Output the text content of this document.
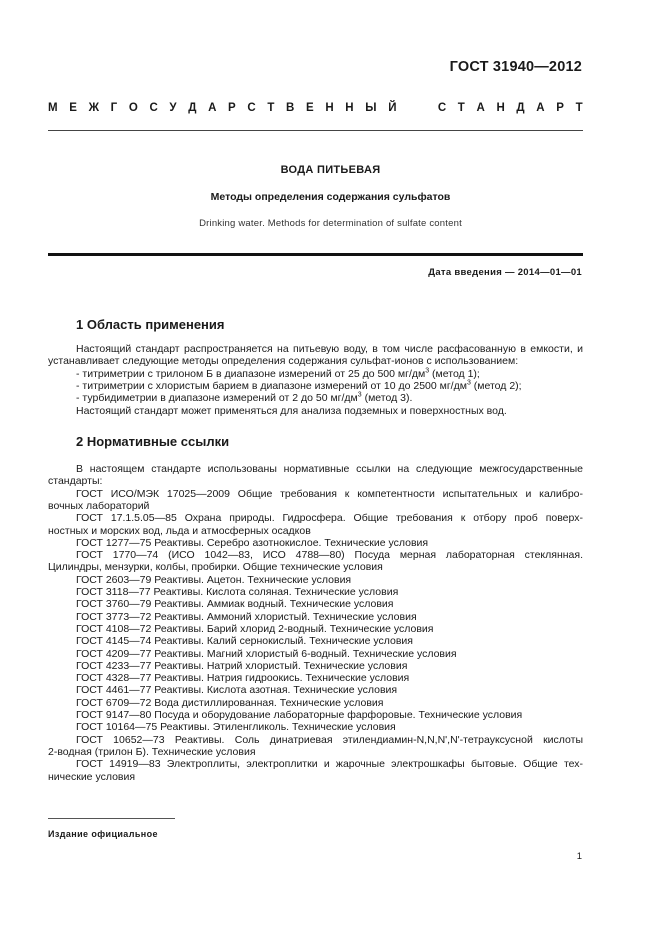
ГОСТ 31940—2012
М Е Ж Г О С У Д А Р С Т В Е Н Н Ы Й

	С Т А Н Д А Р Т
ВОДА ПИТЬЕВАЯ
Методы определения содержания сульфатов
Drinking water. Methods for determination of sulfate content
Дата введения — 2014—01—01
1 Область применения
Настоящий стандарт распространяется на питьевую воду, в том числе расфасованную в емкости, и
устанавливает следующие методы определения содержания сульфат-ионов с использованием:
- титриметрии с трилоном Б в диапазоне измерений от 25 до 500 $мг/дм^3$ (метод 1);
- титриметрии с хлористым барием в диапазоне измерений от 10 до 2500 $мг/дм^3$ (метод 2);
- турбидиметрии в диапазоне измерений от 2 до 50 $мг/дм^3$ (метод 3).
Настоящий стандарт может применяться для анализа подземных и поверхностных вод.
2 Нормативные ссылки
В настоящем стандарте использованы нормативные ссылки на следующие межгосударственные
стандарты:
ГОСТ ИСО/МЭК 17025—2009 Общие требования к компетентности испытательных и калибро-
вочных лабораторий
ГОСТ 17.1.5.05—85 Охрана природы. Гидросфера. Общие требования к отбору проб поверх-
ностных и морских вод, льда и атмосферных осадков
ГОСТ 1277—75 Реактивы. Серебро азотнокислое. Технические условия
ГОСТ 1770—74 (ИСО 1042—83, ИСО 4788—80) Посуда мерная лабораторная стеклянная.
Цилиндры, мензурки, колбы, пробирки. Общие технические условия
ГОСТ 2603—79 Реактивы. Ацетон. Технические условия
ГОСТ 3118—77 Реактивы. Кислота соляная. Технические условия
ГОСТ 3760—79 Реактивы. Аммиак водный. Технические условия
ГОСТ 3773—72 Реактивы. Аммоний хлористый. Технические условия
ГОСТ 4108—72 Реактивы. Барий хлорид 2-водный. Технические условия
ГОСТ 4145—74 Реактивы. Калий сернокислый. Технические условия
ГОСТ 4209—77 Реактивы. Магний хлористый 6-водный. Технические условия
ГОСТ 4233—77 Реактивы. Натрий хлористый. Технические условия
ГОСТ 4328—77 Реактивы. Натрия гидроокись. Технические условия
ГОСТ 4461—77 Реактивы. Кислота азотная. Технические условия
ГОСТ 6709—72 Вода дистиллированная. Технические условия
ГОСТ 9147—80 Посуда и оборудование лабораторные фарфоровые. Технические условия
ГОСТ 10164—75 Реактивы. Этиленгликоль. Технические условия
ГОСТ 10652—73 Реактивы. Соль динатриевая этилендиамин-N,N,N',N'-тетрауксусной кислоты
2-водная (трилон Б). Технические условия
ГОСТ 14919—83 Электроплиты, электроплитки и жарочные электрошкафы бытовые. Общие тех-
нические условия
Издание официальное
1
